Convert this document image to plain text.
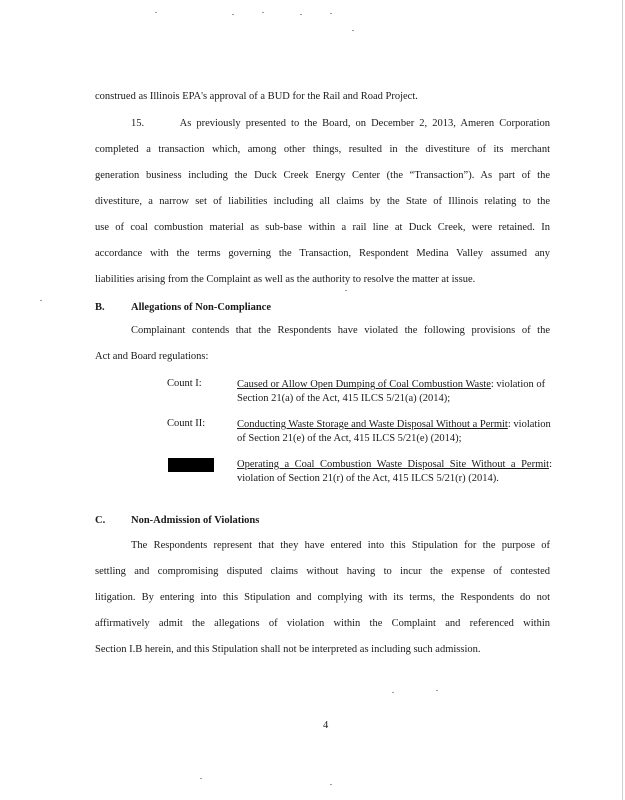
construed as Illinois EPA's approval of a BUD for the Rail and Road Project.
15.       As previously presented to the Board, on December 2, 2013, Ameren Corporation
completed a transaction which, among other things, resulted in the divestiture of its merchant
generation business including the Duck Creek Energy Center (the “Transaction”). As part of the
divestiture, a narrow set of liabilities including all claims by the State of Illinois relating to the
use of coal combustion material as sub-base within a rail line at Duck Creek, were retained. In
accordance with the terms governing the Transaction, Respondent Medina Valley assumed any
liabilities arising from the Complaint as well as the authority to resolve the matter at issue.
B.	Allegations of Non-Compliance
Complainant contends that the Respondents have violated the following provisions of the
Act and Board regulations:
Count I:	Caused or Allow Open Dumping of Coal Combustion Waste: violation of Section 21(a) of the Act, 415 ILCS 5/21(a) (2014);
Count II:	Conducting Waste Storage and Waste Disposal Without a Permit: violation of Section 21(e) of the Act, 415 ILCS 5/21(e) (2014);
Operating a Coal Combustion Waste Disposal Site Without a Permit: violation of Section 21(r) of the Act, 415 ILCS 5/21(r) (2014).
C. Non-Admission of Violations
The Respondents represent that they have entered into this Stipulation for the purpose of
settling and compromising disputed claims without having to incur the expense of contested
litigation. By entering into this Stipulation and complying with its terms, the Respondents do not
affirmatively admit the allegations of violation within the Complaint and referenced within
Section I.B herein, and this Stipulation shall not be interpreted as including such admission.
4
